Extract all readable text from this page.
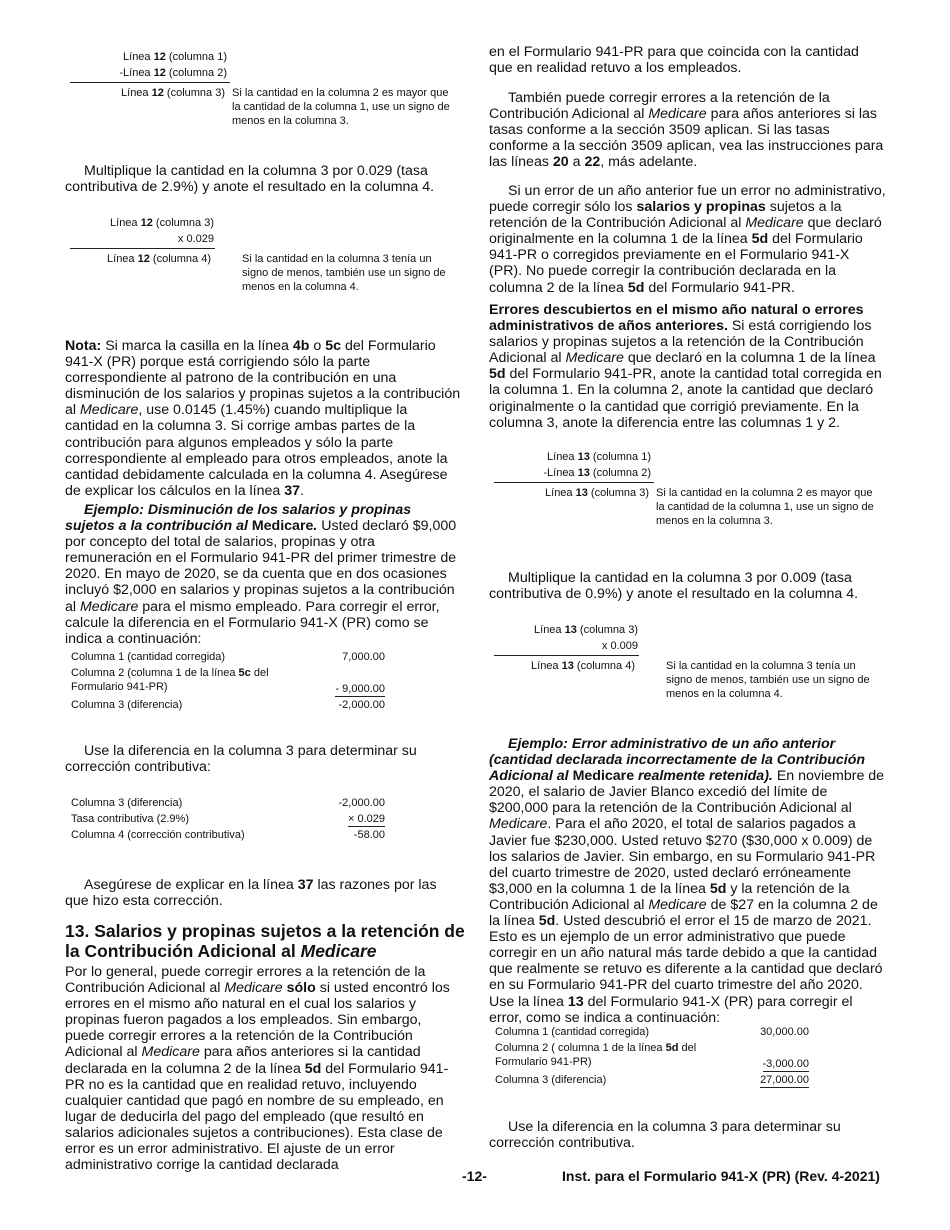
Línea 12 (columna 1)
-Línea 12 (columna 2)
Línea 12 (columna 3) Si la cantidad en la columna 2 es mayor que la cantidad de la columna 1, use un signo de menos en la columna 3.

Multiplique la cantidad en la columna 3 por 0.029 (tasa contributiva de 2.9%) y anote el resultado en la columna 4.

Línea 12 (columna 3)
x 0.029
Línea 12 (columna 4)	Si la cantidad en la columna 3 tenía un signo de menos, también use un signo de menos en la columna 4.

Nota: Si marca la casilla en la línea 4b o 5c del Formulario 941-X (PR) porque está corrigiendo sólo la parte correspondiente al patrono de la contribución en una disminución de los salarios y propinas sujetos a la contribución al Medicare, use 0.0145 (1.45%) cuando multiplique la cantidad en la columna 3. Si corrige ambas partes de la contribución para algunos empleados y sólo la parte correspondiente al empleado para otros empleados, anote la cantidad debidamente calculada en la columna 4. Asegúrese de explicar los cálculos en la línea 37.

Ejemplo: Disminución de los salarios y propinas sujetos a la contribución al Medicare. Usted declaró $9,000 por concepto del total de salarios, propinas y otra remuneración en el Formulario 941-PR del primer trimestre de 2020. En mayo de 2020, se da cuenta que en dos ocasiones incluyó $2,000 en salarios y propinas sujetos a la contribución al Medicare para el mismo empleado. Para corregir el error, calcule la diferencia en el Formulario 941-X (PR) como se indica a continuación:

Columna 1 (cantidad corregida)	7,000.00
Columna 2 (columna 1 de la línea 5c del
Formulario 941-PR)	- 9,000.00
Columna 3 (diferencia)	-2,000.00

Use la diferencia en la columna 3 para determinar su corrección contributiva:

Columna 3 (diferencia)	-2,000.00
Tasa contributiva (2.9%)	× 0.029
Columna 4 (corrección contributiva)	-58.00

Asegúrese de explicar en la línea 37 las razones por las que hizo esta corrección.

13. Salarios y propinas sujetos a la retención de la Contribución Adicional al Medicare

Por lo general, puede corregir errores a la retención de la Contribución Adicional al Medicare sólo si usted encontró los errores en el mismo año natural en el cual los salarios y propinas fueron pagados a los empleados. Sin embargo, puede corregir errores a la retención de la Contribución Adicional al Medicare para años anteriores si la cantidad declarada en la columna 2 de la línea 5d del Formulario 941-PR no es la cantidad que en realidad retuvo, incluyendo cualquier cantidad que pagó en nombre de su empleado, en lugar de deducirla del pago del empleado (que resultó en salarios adicionales sujetos a contribuciones). Esta clase de error es un error administrativo. El ajuste de un error administrativo corrige la cantidad declarada

en el Formulario 941-PR para que coincida con la cantidad que en realidad retuvo a los empleados.

También puede corregir errores a la retención de la Contribución Adicional al Medicare para años anteriores si las tasas conforme a la sección 3509 aplican. Si las tasas conforme a la sección 3509 aplican, vea las instrucciones para las líneas 20 a 22, más adelante.

Si un error de un año anterior fue un error no administrativo, puede corregir sólo los salarios y propinas sujetos a la retención de la Contribución Adicional al Medicare que declaró originalmente en la columna 1 de la línea 5d del Formulario 941-PR o corregidos previamente en el Formulario 941-X (PR). No puede corregir la contribución declarada en la columna 2 de la línea 5d del Formulario 941-PR.

Errores descubiertos en el mismo año natural o errores administrativos de años anteriores. Si está corrigiendo los salarios y propinas sujetos a la retención de la Contribución Adicional al Medicare que declaró en la columna 1 de la línea 5d del Formulario 941-PR, anote la cantidad total corregida en la columna 1. En la columna 2, anote la cantidad que declaró originalmente o la cantidad que corrigió previamente. En la columna 3, anote la diferencia entre las columnas 1 y 2.

Línea 13 (columna 1)
-Línea 13 (columna 2)
Línea 13 (columna 3) Si la cantidad en la columna 2 es mayor que la cantidad de la columna 1, use un signo de menos en la columna 3.

Multiplique la cantidad en la columna 3 por 0.009 (tasa contributiva de 0.9%) y anote el resultado en la columna 4.

Línea 13 (columna 3)
x 0.009
Línea 13 (columna 4)	Si la cantidad en la columna 3 tenía un signo de menos, también use un signo de menos en la columna 4.

Ejemplo: Error administrativo de un año anterior (cantidad declarada incorrectamente de la Contribución Adicional al Medicare realmente retenida). En noviembre de 2020, el salario de Javier Blanco excedió del límite de $200,000 para la retención de la Contribución Adicional al Medicare. Para el año 2020, el total de salarios pagados a Javier fue $230,000. Usted retuvo $270 ($30,000 x 0.009) de los salarios de Javier. Sin embargo, en su Formulario 941-PR del cuarto trimestre de 2020, usted declaró erróneamente $3,000 en la columna 1 de la línea 5d y la retención de la Contribución Adicional al Medicare de $27 en la columna 2 de la línea 5d. Usted descubrió el error el 15 de marzo de 2021. Esto es un ejemplo de un error administrativo que puede corregir en un año natural más tarde debido a que la cantidad que realmente se retuvo es diferente a la cantidad que declaró en su Formulario 941-PR del cuarto trimestre del año 2020. Use la línea 13 del Formulario 941-X (PR) para corregir el error, como se indica a continuación:

Columna 1 (cantidad corregida)	30,000.00
Columna 2 ( columna 1 de la línea 5d del
Formulario 941-PR)	-3,000.00
Columna 3 (diferencia)	27,000.00

Use la diferencia en la columna 3 para determinar su corrección contributiva.

-12-	Inst. para el Formulario 941-X (PR) (Rev. 4-2021)
